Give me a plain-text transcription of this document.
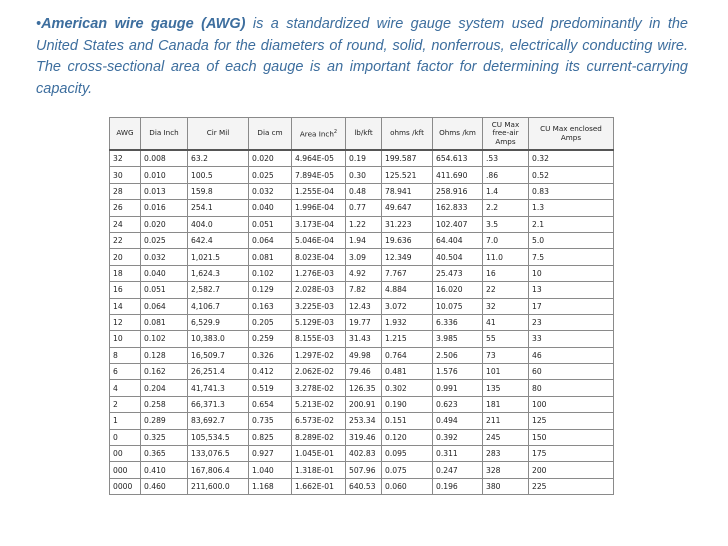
•American wire gauge (AWG) is a standardized wire gauge system used predominantly in the United States and Canada for the diameters of round, solid, nonferrous, electrically conducting wire. The cross-sectional area of each gauge is an important factor for determining its current-carrying capacity.
AWG	Dia Inch	Cir Mil	Dia cm	Area Inch$^2$	lb/kft	ohms /kft	Ohms /km	CU Max free-air Amps	CU Max enclosed Amps
32	0.008	63.2	0.020	4.964E-05	0.19	199.587	654.613	.53	0.32
30	0.010	100.5	0.025	7.894E-05	0.30	125.521	411.690	.86	0.52
28	0.013	159.8	0.032	1.255E-04	0.48	78.941	258.916	1.4	0.83
26	0.016	254.1	0.040	1.996E-04	0.77	49.647	162.833	2.2	1.3
24	0.020	404.0	0.051	3.173E-04	1.22	31.223	102.407	3.5	2.1
22	0.025	642.4	0.064	5.046E-04	1.94	19.636	64.404	7.0	5.0
20	0.032	1,021.5	0.081	8.023E-04	3.09	12.349	40.504	11.0	7.5
18	0.040	1,624.3	0.102	1.276E-03	4.92	7.767	25.473	16	10
16	0.051	2,582.7	0.129	2.028E-03	7.82	4.884	16.020	22	13
14	0.064	4,106.7	0.163	3.225E-03	12.43	3.072	10.075	32	17
12	0.081	6,529.9	0.205	5.129E-03	19.77	1.932	6.336	41	23
10	0.102	10,383.0	0.259	8.155E-03	31.43	1.215	3.985	55	33
8	0.128	16,509.7	0.326	1.297E-02	49.98	0.764	2.506	73	46
6	0.162	26,251.4	0.412	2.062E-02	79.46	0.481	1.576	101	60
4	0.204	41,741.3	0.519	3.278E-02	126.35	0.302	0.991	135	80
2	0.258	66,371.3	0.654	5.213E-02	200.91	0.190	0.623	181	100
1	0.289	83,692.7	0.735	6.573E-02	253.34	0.151	0.494	211	125
0	0.325	105,534.5	0.825	8.289E-02	319.46	0.120	0.392	245	150
00	0.365	133,076.5	0.927	1.045E-01	402.83	0.095	0.311	283	175
000	0.410	167,806.4	1.040	1.318E-01	507.96	0.075	0.247	328	200
0000	0.460	211,600.0	1.168	1.662E-01	640.53	0.060	0.196	380	225
